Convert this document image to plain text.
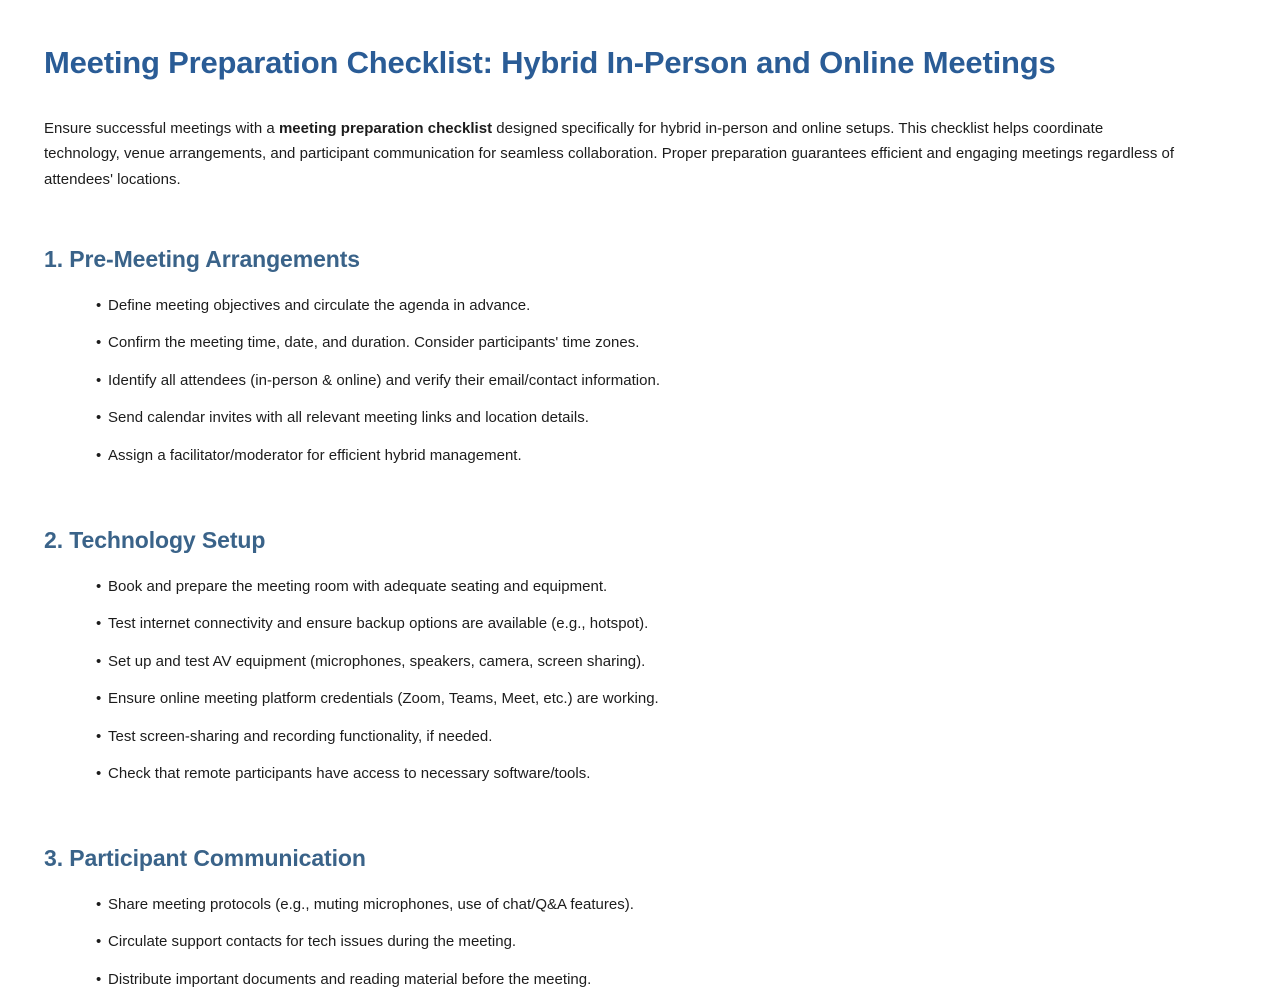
Meeting Preparation Checklist: Hybrid In-Person and Online Meetings

Ensure successful meetings with a meeting preparation checklist designed specifically for hybrid in-person and online setups. This checklist helps coordinate technology, venue arrangements, and participant communication for seamless collaboration. Proper preparation guarantees efficient and engaging meetings regardless of attendees' locations.

1. Pre-Meeting Arrangements
• Define meeting objectives and circulate the agenda in advance.
• Confirm the meeting time, date, and duration. Consider participants' time zones.
• Identify all attendees (in-person & online) and verify their email/contact information.
• Send calendar invites with all relevant meeting links and location details.
• Assign a facilitator/moderator for efficient hybrid management.
2. Technology Setup
• Book and prepare the meeting room with adequate seating and equipment.
• Test internet connectivity and ensure backup options are available (e.g., hotspot).
• Set up and test AV equipment (microphones, speakers, camera, screen sharing).
• Ensure online meeting platform credentials (Zoom, Teams, Meet, etc.) are working.
• Test screen-sharing and recording functionality, if needed.
• Check that remote participants have access to necessary software/tools.
3. Participant Communication
• Share meeting protocols (e.g., muting microphones, use of chat/Q&A features).
• Circulate support contacts for tech issues during the meeting.
• Distribute important documents and reading material before the meeting.
